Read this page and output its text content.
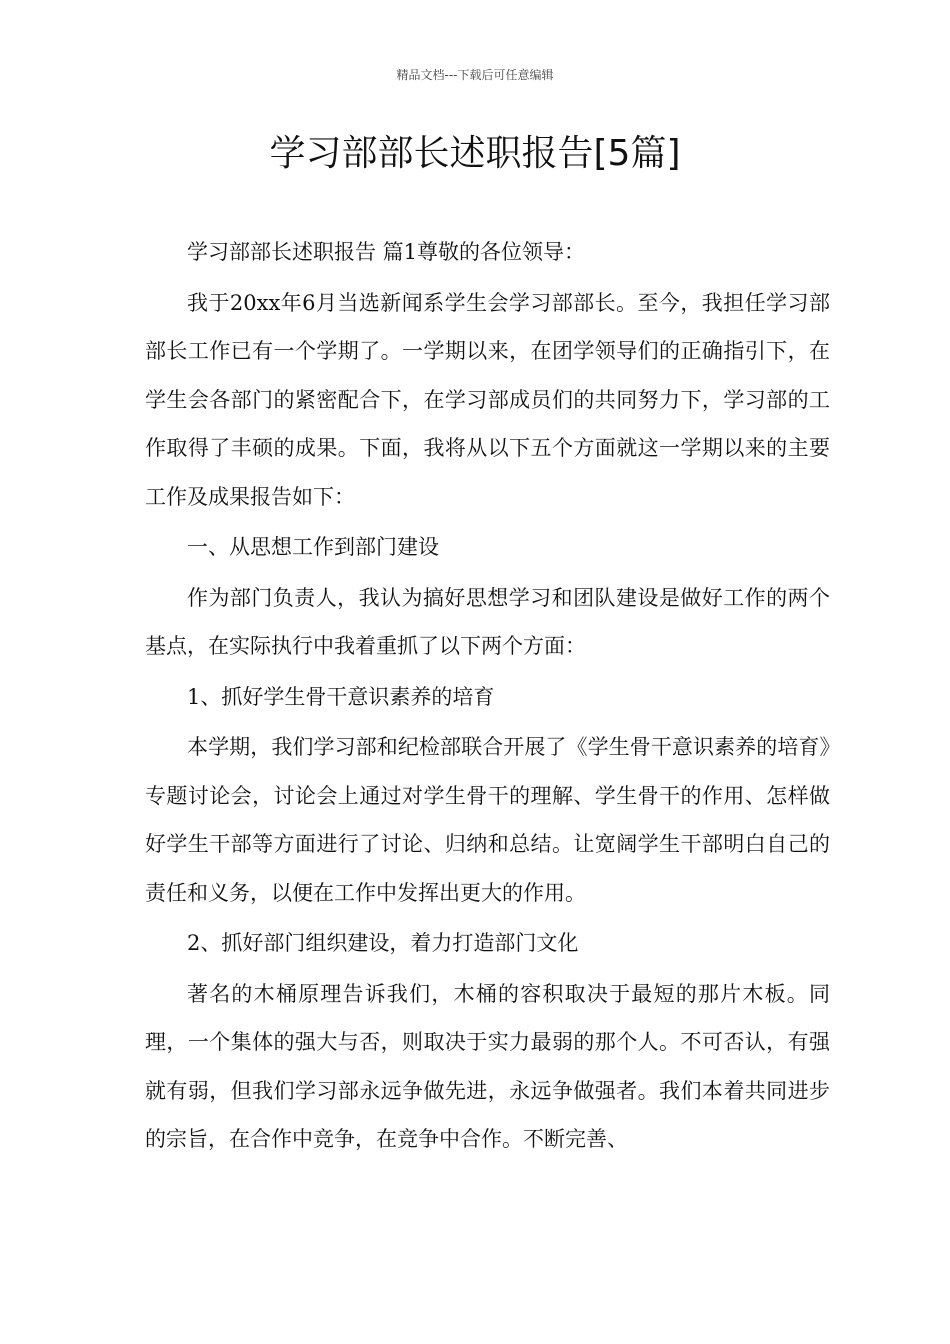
精品文档---下载后可任意编辑
学习部部长述职报告[5篇]

学习部部长述职报告 篇1尊敬的各位领导：

我于20xx年6月当选新闻系学生会学习部部长。至今，我担任学习部部长工作已有一个学期了。一学期以来，在团学领导们的正确指引下，在学生会各部门的紧密配合下，在学习部成员们的共同努力下，学习部的工作取得了丰硕的成果。下面，我将从以下五个方面就这一学期以来的主要工作及成果报告如下：

一、从思想工作到部门建设

作为部门负责人，我认为搞好思想学习和团队建设是做好工作的两个基点，在实际执行中我着重抓了以下两个方面：

1、抓好学生骨干意识素养的培育

本学期，我们学习部和纪检部联合开展了《学生骨干意识素养的培育》专题讨论会，讨论会上通过对学生骨干的理解、学生骨干的作用、怎样做好学生干部等方面进行了讨论、归纳和总结。让宽阔学生干部明白自己的责任和义务，以便在工作中发挥出更大的作用。

2、抓好部门组织建设，着力打造部门文化

著名的木桶原理告诉我们，木桶的容积取决于最短的那片木板。同理，一个集体的强大与否，则取决于实力最弱的那个人。不可否认，有强就有弱，但我们学习部永远争做先进，永远争做强者。我们本着共同进步的宗旨，在合作中竞争，在竞争中合作。不断完善、
